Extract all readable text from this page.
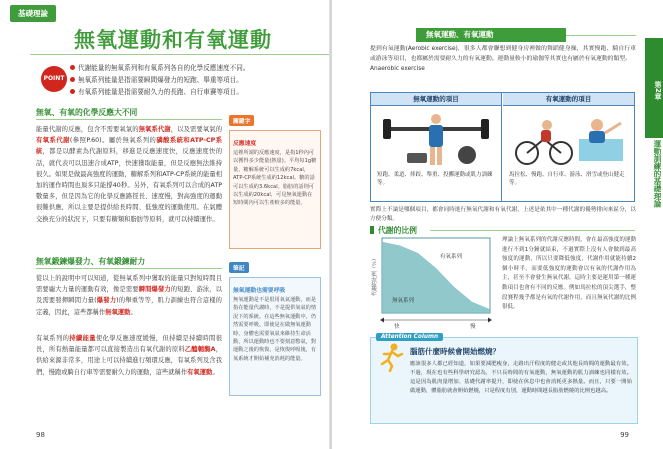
基礎理論
無氧運動和有氧運動
POINT
代謝能量的無氧系列和有氧系列各自的化學反應速度不同。
無氧系列能量是指需要瞬間爆發力的短跑、舉重等項目。
有氧系列能量是指需要耐久力的長跑、自行車賽等項目。
無氧、有氧的化學反應大不同
能量代謝的反應，包含不需要氧氣的無氧系代謝，以及需要氧氣的有氧系代謝(參照P.60)。屬於無氧系列的磷酸系統和ATP-CP系統，都是以酵素為代謝原料，移進是反應速度快，反應速度快的話，就代表可以迅速合成ATP，快速獲取能量，但是反應無法維持很久。如果是做最高強度的運動，糖解系列和ATP-CP系統的能量相加的運作時間也頂多只能撐40秒。另外，有氧系列可以合成的ATP數量多，但是因為它的化學反應路徑長、速度慢，對高強度的運動很難供應，所以主要是提供給長時間、低強度的運動使用。在氣體交換充分的狀況下，只要有糖類和脂肪等原料，就可以持續運作。
無氧鍛鍊爆發力、有氧鍛鍊耐力
從以上的說明中可以知道，從無氧系列中獲取的能量只對短時間且需要龐大力量的運動有效，像是需要瞬間爆發力的短跑、游泳，以及需要發揮瞬間力量(爆發力)的舉重等等，肌力訓練也符合這樣的定義，因此，這些都稱作無氧運動。
有氧系列的持續能量使化學反應速度緩慢，但持續是持續時間很長，所有熱量能量都可以直接製造出有氧代謝的原料乙醯輔酶A，供給來源非常多，用途上可以持續進行頻環反應，有氧系列及含我們，慢跑或騎自行車等需要耐久力的運動，這些就稱作有氧運動。
關鍵字
反應速度
這裡所謂的反應速度，是指1秒內可以獲得多少能量(熱量)。平均每1g糖量，糖解系統可以生成約7kcal，ATP-CP系統生成約12kcal。糖的話可以生成約3.6kcal。脂肪的話則可以生成約20kcal，可見無氧運動在短時間內可以生產較多的能量。
筆記
無氧運動也需要呼吸
無氧運動是不是很用氧氣運動，而是指在能量代謝時，不是提供氧氣的情況下的系統。在這些無氧運動中，仍然需要呼吸。即使是在做無氧運動時，身體也需要氧氣來維持生命活動，所以運動時也不要刻意憋氣，對運動之後的恢復，是恢復呼吸後，有氧系統才開始補充消耗的能量。
98
無氧運動、有氧運動
第2章
運動訓練的基礎理論
提到有氧運動(Aerobic exercise)，很多人都會聯想到健身房裡做的舞蹈健身操，其實慢跑、騎自行車或游泳等項目，也都屬於需要耐久力的有氧運動。運動量較小的瑜伽等其實也有屬於有氧運動的類型。
Anaerobic exercise
無氧運動的項目
短跑、柔道、摔跤、舉重、投擲運動或肌力訓練等。
有氧運動的項目
馬拉松、慢跑、自行車、游泳、滑雪或登山健走等。
實際上不論是哪個項目，都會同時進行無氧代謝和有氧代謝，上述是依其中一種代謝的優勢排向來區分，以方便分類。
代謝的比例
代謝的比例（％）	有氧系列
無氧系列
快	慢
理論上無氧系列的代謝反應時間，會在最高強度的運動進行不到1分鐘就結束，不過實際上沒有人會做到最高強度的運動，所以只要降低強度，代謝作用就能持續2個小時半。而要低強度的運動會以有氧的代謝作用為主，甚至不會發生無氧代謝。這時主要是運用第一種運動項目也會有不同的反應。例如馬拉松的頂尖選手，整段賽程幾乎都是有氧的代謝作用，而且無氧代謝的比例很低。
Attention Column
腦筋什麼時候會開始燃燒？
應該很多人都已經知道，如果要減肥瘦身，走路出汗程度的健走或其他長時間的運動最有效。不過，現在也有些科學研究認為，不只長時間的有氧運動，無氧運動的肌力訓練也同樣有效。這是因為肌肉量增加、基礎代謝率提升，即使在休息中也會消耗更多熱量。而且，只要一開始做運動，體脂肪就會開始燃燒，只是程度有別，運動時間越長脂肪燃燒的比例也越高。
99
